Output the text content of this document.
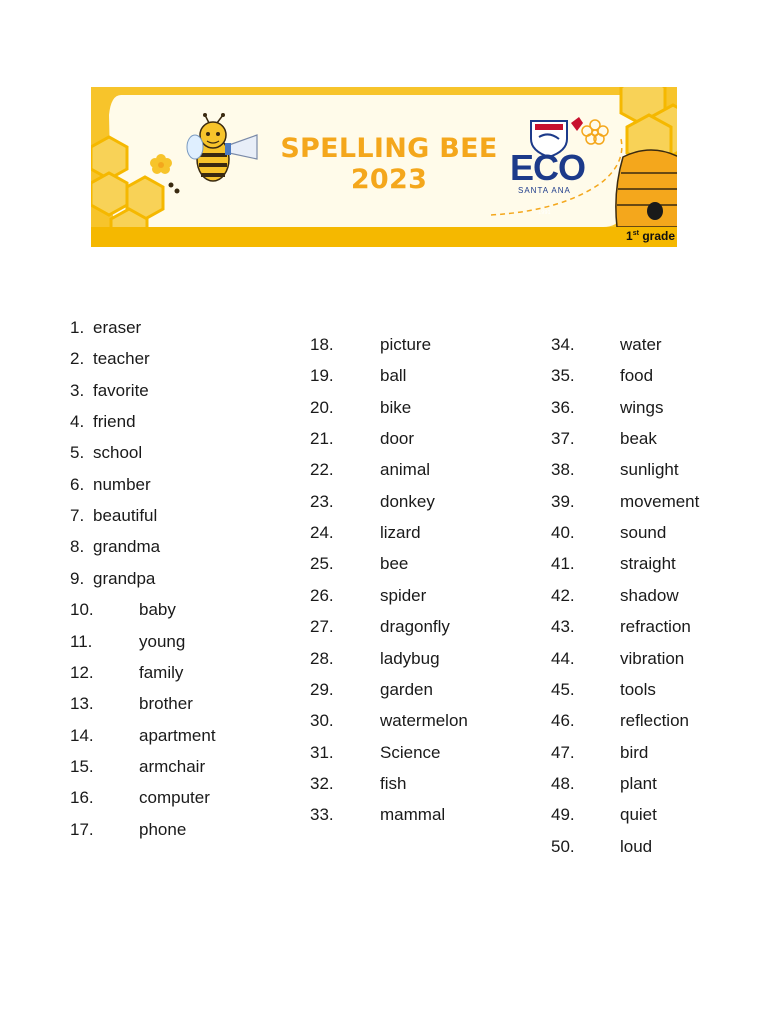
SPELLING BEE
2023
1991
ECO
SANTA ANA
1st grade
1. eraser
2. teacher
3. favorite
4. friend
5. school
6. number
7. beautiful
8. grandma
9. grandpa
10.	baby
11.	young
12.	family
13.	brother
14.	apartment
15.	armchair
16.	computer
17.	phone
18.	picture
19.	ball
20.	bike
21.	door
22.	animal
23.	donkey
24.	lizard
25.	bee
26.	spider
27.	dragonfly
28.	ladybug
29.	garden
30.	watermelon
31.	Science
32.	fish
33.	mammal
34.	water
35.	food
36.	wings
37.	beak
38.	sunlight
39.	movement
40.	sound
41.	straight
42.	shadow
43.	refraction
44.	vibration
45.	tools
46.	reflection
47.	bird
48.	plant
49.	quiet
50.	loud
